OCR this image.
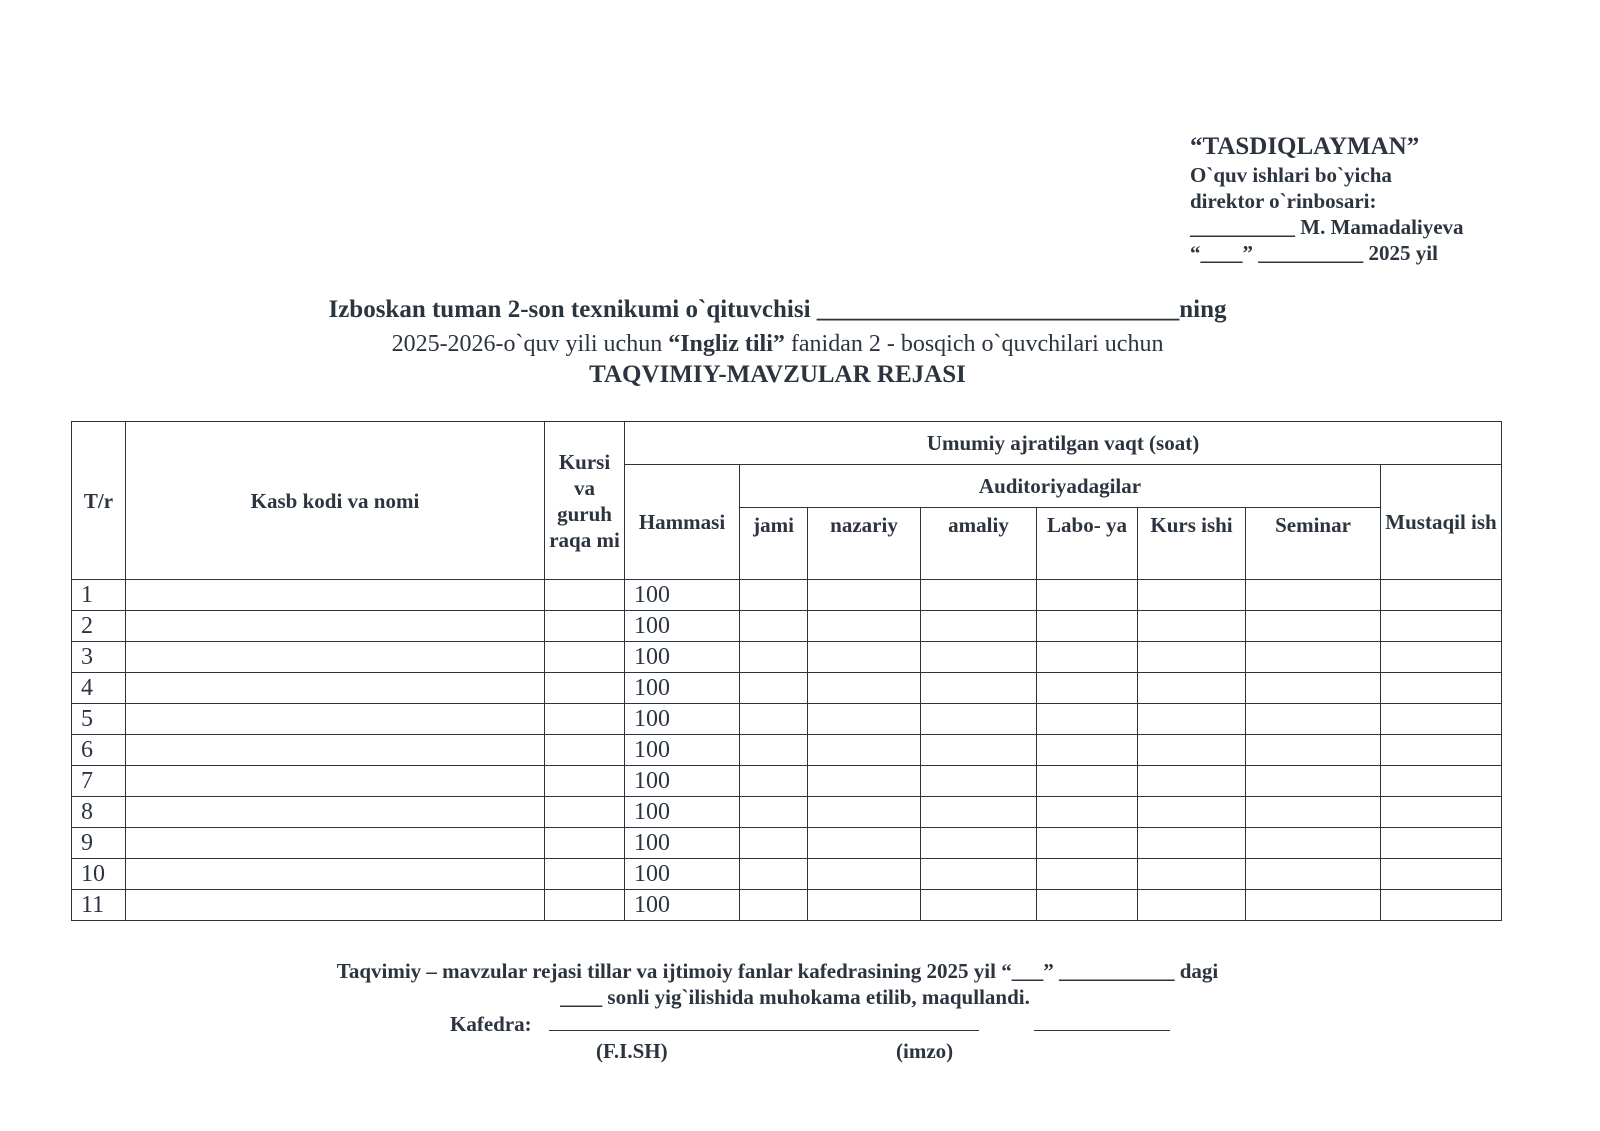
“TASDIQLAYMAN”
O`quv ishlari bo`yicha
direktor o`rinbosari:
__________ M. Mamadaliyeva
“____” __________ 2025 yil
Izboskan tuman 2-son texnikumi o`qituvchisi _____________________________ning
2025-2026-o`quv yili uchun “Ingliz tili” fanidan 2 - bosqich o`quvchilari uchun
TAQVIMIY-MAVZULAR REJASI
T/r	Kasb kodi va nomi	Kursi va guruh raqa mi	Umumiy ajratilgan vaqt (soat)							
			Hammasi	Auditoriyadagilar						Mustaqil ish
				jami	nazariy	amaliy	Labo- ya	Kurs ishi	Seminar	
1			100							
2			100							
3			100							
4			100							
5			100							
6			100							
7			100							
8			100							
9			100							
10			100							
11			100							
Taqvimiy – mavzular rejasi tillar va ijtimoiy fanlar kafedrasining 2025 yil “___” ___________ dagi
____ sonli yig`ilishida muhokama etilib, maqullandi.
Kafedra:
(F.I.SH)	(imzo)
